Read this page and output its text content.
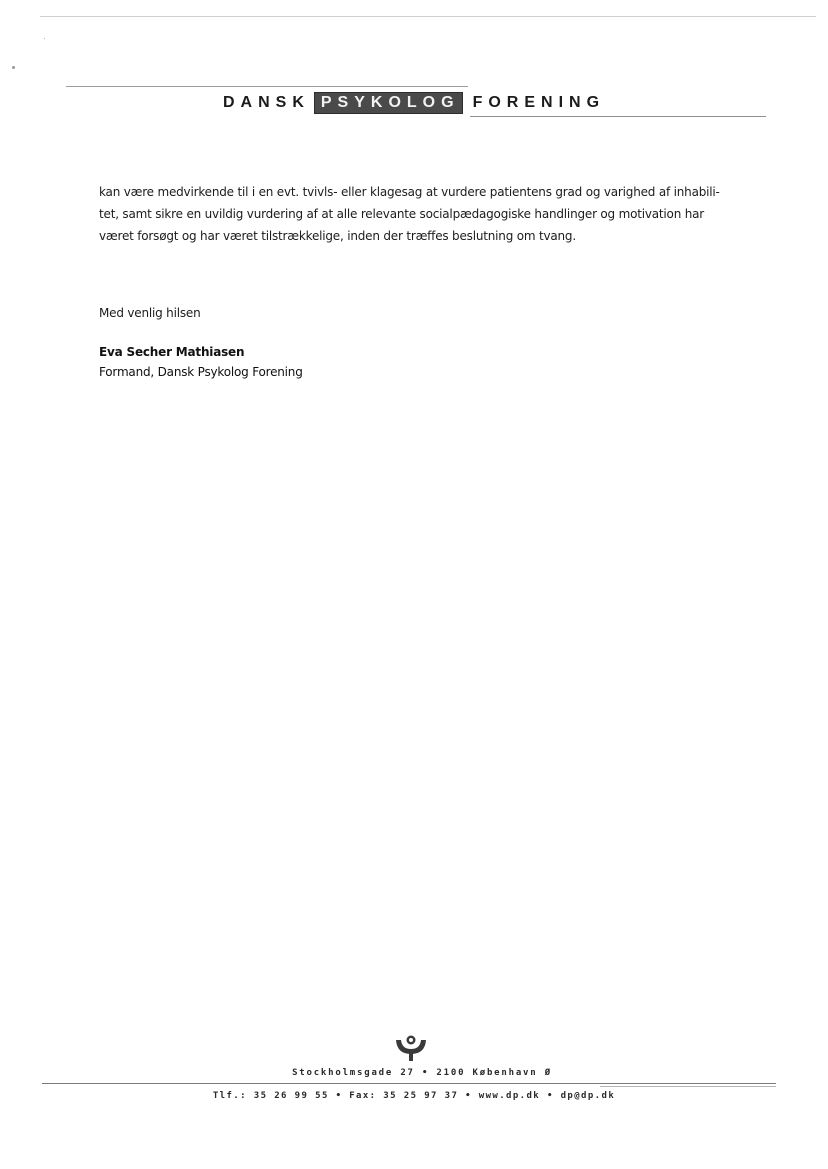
DANSK PSYKOLOG FORENING
kan være medvirkende til i en evt. tvivls- eller klagesag at vurdere patientens grad og varighed af inhabili-
tet, samt sikre en uvildig vurdering af at alle relevante socialpædagogiske handlinger og motivation har
været forsøgt og har været tilstrækkelige, inden der træffes beslutning om tvang.
Med venlig hilsen
Eva Secher Mathiasen
Formand, Dansk Psykolog Forening
Stockholmsgade 27 • 2100 København Ø
Tlf.: 35 26 99 55 • Fax: 35 25 97 37 • www.dp.dk • dp@dp.dk
